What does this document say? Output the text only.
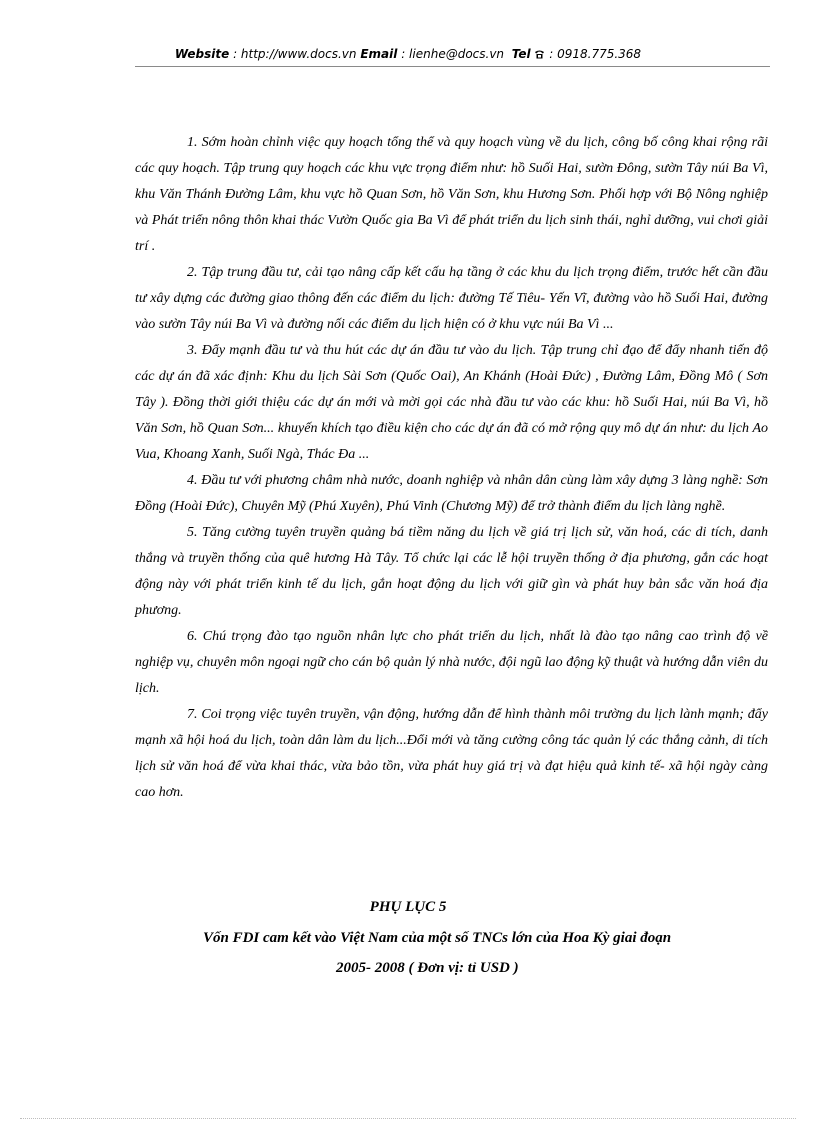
Website : http://www.docs.vn Email : lienhe@docs.vn Tel : 0918.775.368

1. Sớm hoàn chỉnh việc quy hoạch tổng thể và quy hoạch vùng về du lịch, công bố công khai rộng rãi các quy hoạch. Tập trung quy hoạch các khu vực trọng điểm như: hồ Suối Hai, sườn Đông, sườn Tây núi Ba Vì, khu Văn Thánh Đường Lâm, khu vực hồ Quan Sơn, hồ Văn Sơn, khu Hương Sơn. Phối hợp với Bộ Nông nghiệp và Phát triển nông thôn khai thác Vườn Quốc gia Ba Vì để phát triển du lịch sinh thái, nghỉ dưỡng, vui chơi giải trí .

2. Tập trung đầu tư, cải tạo nâng cấp kết cấu hạ tầng ở các khu du lịch trọng điểm, trước hết cần đầu tư xây dựng các đường giao thông đến các điểm du lịch: đường Tế Tiêu- Yến Vĩ, đường vào hồ Suối Hai, đường vào sườn Tây núi Ba Vì và đường nối các điểm du lịch hiện có ở khu vực núi Ba Vì ...

3. Đẩy mạnh đầu tư và thu hút các dự án đầu tư vào du lịch. Tập trung chỉ đạo để đẩy nhanh tiến độ các dự án đã xác định: Khu du lịch Sài Sơn (Quốc Oai), An Khánh (Hoài Đức) , Đường Lâm, Đồng Mô ( Sơn Tây ). Đồng thời giới thiệu các dự án mới và mời gọi các nhà đầu tư vào các khu: hồ Suối Hai, núi Ba Vì, hồ Văn Sơn, hồ Quan Sơn... khuyến khích tạo điều kiện cho các dự án đã có mở rộng quy mô dự án như: du lịch Ao Vua, Khoang Xanh, Suối Ngà, Thác Đa ...

4. Đầu tư với phương châm nhà nước, doanh nghiệp và nhân dân cùng làm xây dựng 3 làng nghề: Sơn Đồng (Hoài Đức), Chuyên Mỹ (Phú Xuyên), Phú Vinh (Chương Mỹ) để trở thành điểm du lịch làng nghề.

5. Tăng cường tuyên truyền quảng bá tiềm năng du lịch về giá trị lịch sử, văn hoá, các di tích, danh thắng và truyền thống của quê hương Hà Tây. Tổ chức lại các lễ hội truyền thống ở địa phương, gắn các hoạt động này với phát triển kinh tế du lịch, gắn hoạt động du lịch với giữ gìn và phát huy bản sắc văn hoá địa phương.

6. Chú trọng đào tạo nguồn nhân lực cho phát triển du lịch, nhất là đào tạo nâng cao trình độ về nghiệp vụ, chuyên môn ngoại ngữ cho cán bộ quản lý nhà nước, đội ngũ lao động kỹ thuật và hướng dẫn viên du lịch.

7. Coi trọng việc tuyên truyền, vận động, hướng dẫn để hình thành môi trường du lịch lành mạnh; đẩy mạnh xã hội hoá du lịch, toàn dân làm du lịch...Đổi mới và tăng cường công tác quản lý các thắng cảnh, di tích lịch sử văn hoá để vừa khai thác, vừa bảo tồn, vừa phát huy giá trị và đạt hiệu quả kinh tế- xã hội ngày càng cao hơn.

PHỤ LỤC 5
Vốn FDI cam kết vào Việt Nam của một số TNCs lớn của Hoa Kỳ giai đoạn
2005- 2008 ( Đơn vị: tỉ USD )
